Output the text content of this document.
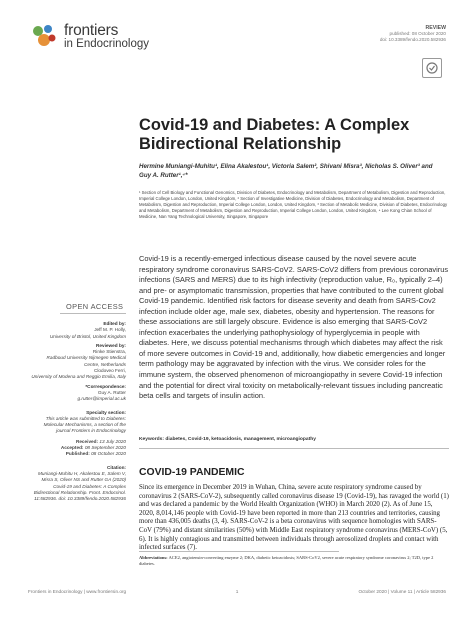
frontiers
in Endocrinology
REVIEW
published: 08 October 2020
doi: 10.3389/fendo.2020.582936
Covid-19 and Diabetes: A Complex Bidirectional Relationship
Hermine Muniangi-Muhitu¹, Elina Akalestou¹, Victoria Salem², Shivani Misra³, Nicholas S. Oliver³ and Guy A. Rutter¹,⁴*
¹ Section of Cell Biology and Functional Genomics, Division of Diabetes, Endocrinology and Metabolism, Department of Metabolism, Digestion and Reproduction, Imperial College London, London, United Kingdom, ² Section of Investigative Medicine, Division of Diabetes, Endocrinology and Metabolism, Department of Metabolism, Digestion and Reproduction, Imperial College London, London, United Kingdom, ³ Section of Metabolic Medicine, Division of Diabetes, Endocrinology and Metabolism, Department of Metabolism, Digestion and Reproduction, Imperial College London, London, United Kingdom, ⁴ Lee Kong Chian School of Medicine, Nan Yang Technological University, Singapore, Singapore
Covid-19 is a recently-emerged infectious disease caused by the novel severe acute respiratory syndrome coronavirus SARS-CoV2. SARS-CoV2 differs from previous coronavirus infections (SARS and MERS) due to its high infectivity (reproduction value, R₀, typically 2–4) and pre- or asymptomatic transmission, properties that have contributed to the current global Covid-19 pandemic. Identified risk factors for disease severity and death from SARS-Cov2 infection include older age, male sex, diabetes, obesity and hypertension. The reasons for these associations are still largely obscure. Evidence is also emerging that SARS-CoV2 infection exacerbates the underlying pathophysiology of hyperglycemia in people with diabetes. Here, we discuss potential mechanisms through which diabetes may affect the risk of more severe outcomes in Covid-19 and, additionally, how diabetic emergencies and longer term pathology may be aggravated by infection with the virus. We consider roles for the immune system, the observed phenomenon of microangiopathy in severe Covid-19 infection and the potential for direct viral toxicity on metabolically-relevant tissues including pancreatic beta cells and targets of insulin action.
Keywords: diabetes, Covid-19, ketoacidosis, management, microangiopathy
OPEN ACCESS
Edited by:
Jeff M. P. Holly,
University of Bristol, United Kingdom
Reviewed by:
Rinke Stienstra,
Radboud University Nijmegen Medical Centre, Netherlands
Clodoveo Ferri,
University of Modena and Reggio Emilia, Italy
*Correspondence:
Guy A. Rutter
g.rutter@imperial.ac.uk
Specialty section:
This article was submitted to Diabetes: Molecular Mechanisms, a section of the journal Frontiers in Endocrinology
Received: 13 July 2020
Accepted: 08 September 2020
Published: 08 October 2020
Citation:
Muniangi-Muhitu H, Akalestou E, Salem V, Misra S, Oliver NS and Rutter GA (2020) Covid-19 and Diabetes: A Complex Bidirectional Relationship. Front. Endocrinol. 11:582936. doi: 10.3389/fendo.2020.582936
COVID-19 PANDEMIC
Since its emergence in December 2019 in Wuhan, China, severe acute respiratory syndrome caused by coronavirus 2 (SARS-CoV-2), subsequently called coronavirus disease 19 (Covid-19), has ravaged the world (1) and was declared a pandemic by the World Health Organization (WHO) in March 2020 (2). As of June 15, 2020, 8,014,146 people with Covid-19 have been reported in more than 213 countries and territories, causing more than 436,005 deaths (3, 4). SARS-CoV-2 is a beta coronavirus with sequence homologies with SARS-CoV (79%) and distant similarities (50%) with Middle East respiratory syndrome coronavirus (MERS-CoV) (5, 6). It is highly contagious and transmitted between individuals through aerosolized droplets and contact with infected surfaces (7).
Abbreviations: ACE2, angiotensin-converting enzyme 2; DKA, diabetic ketoacidosis; SARS-CoV2, severe acute respiratory syndrome coronavirus 2; T2D, type 2 diabetes.
Frontiers in Endocrinology | www.frontiersin.org	1	October 2020 | Volume 11 | Article 582936
